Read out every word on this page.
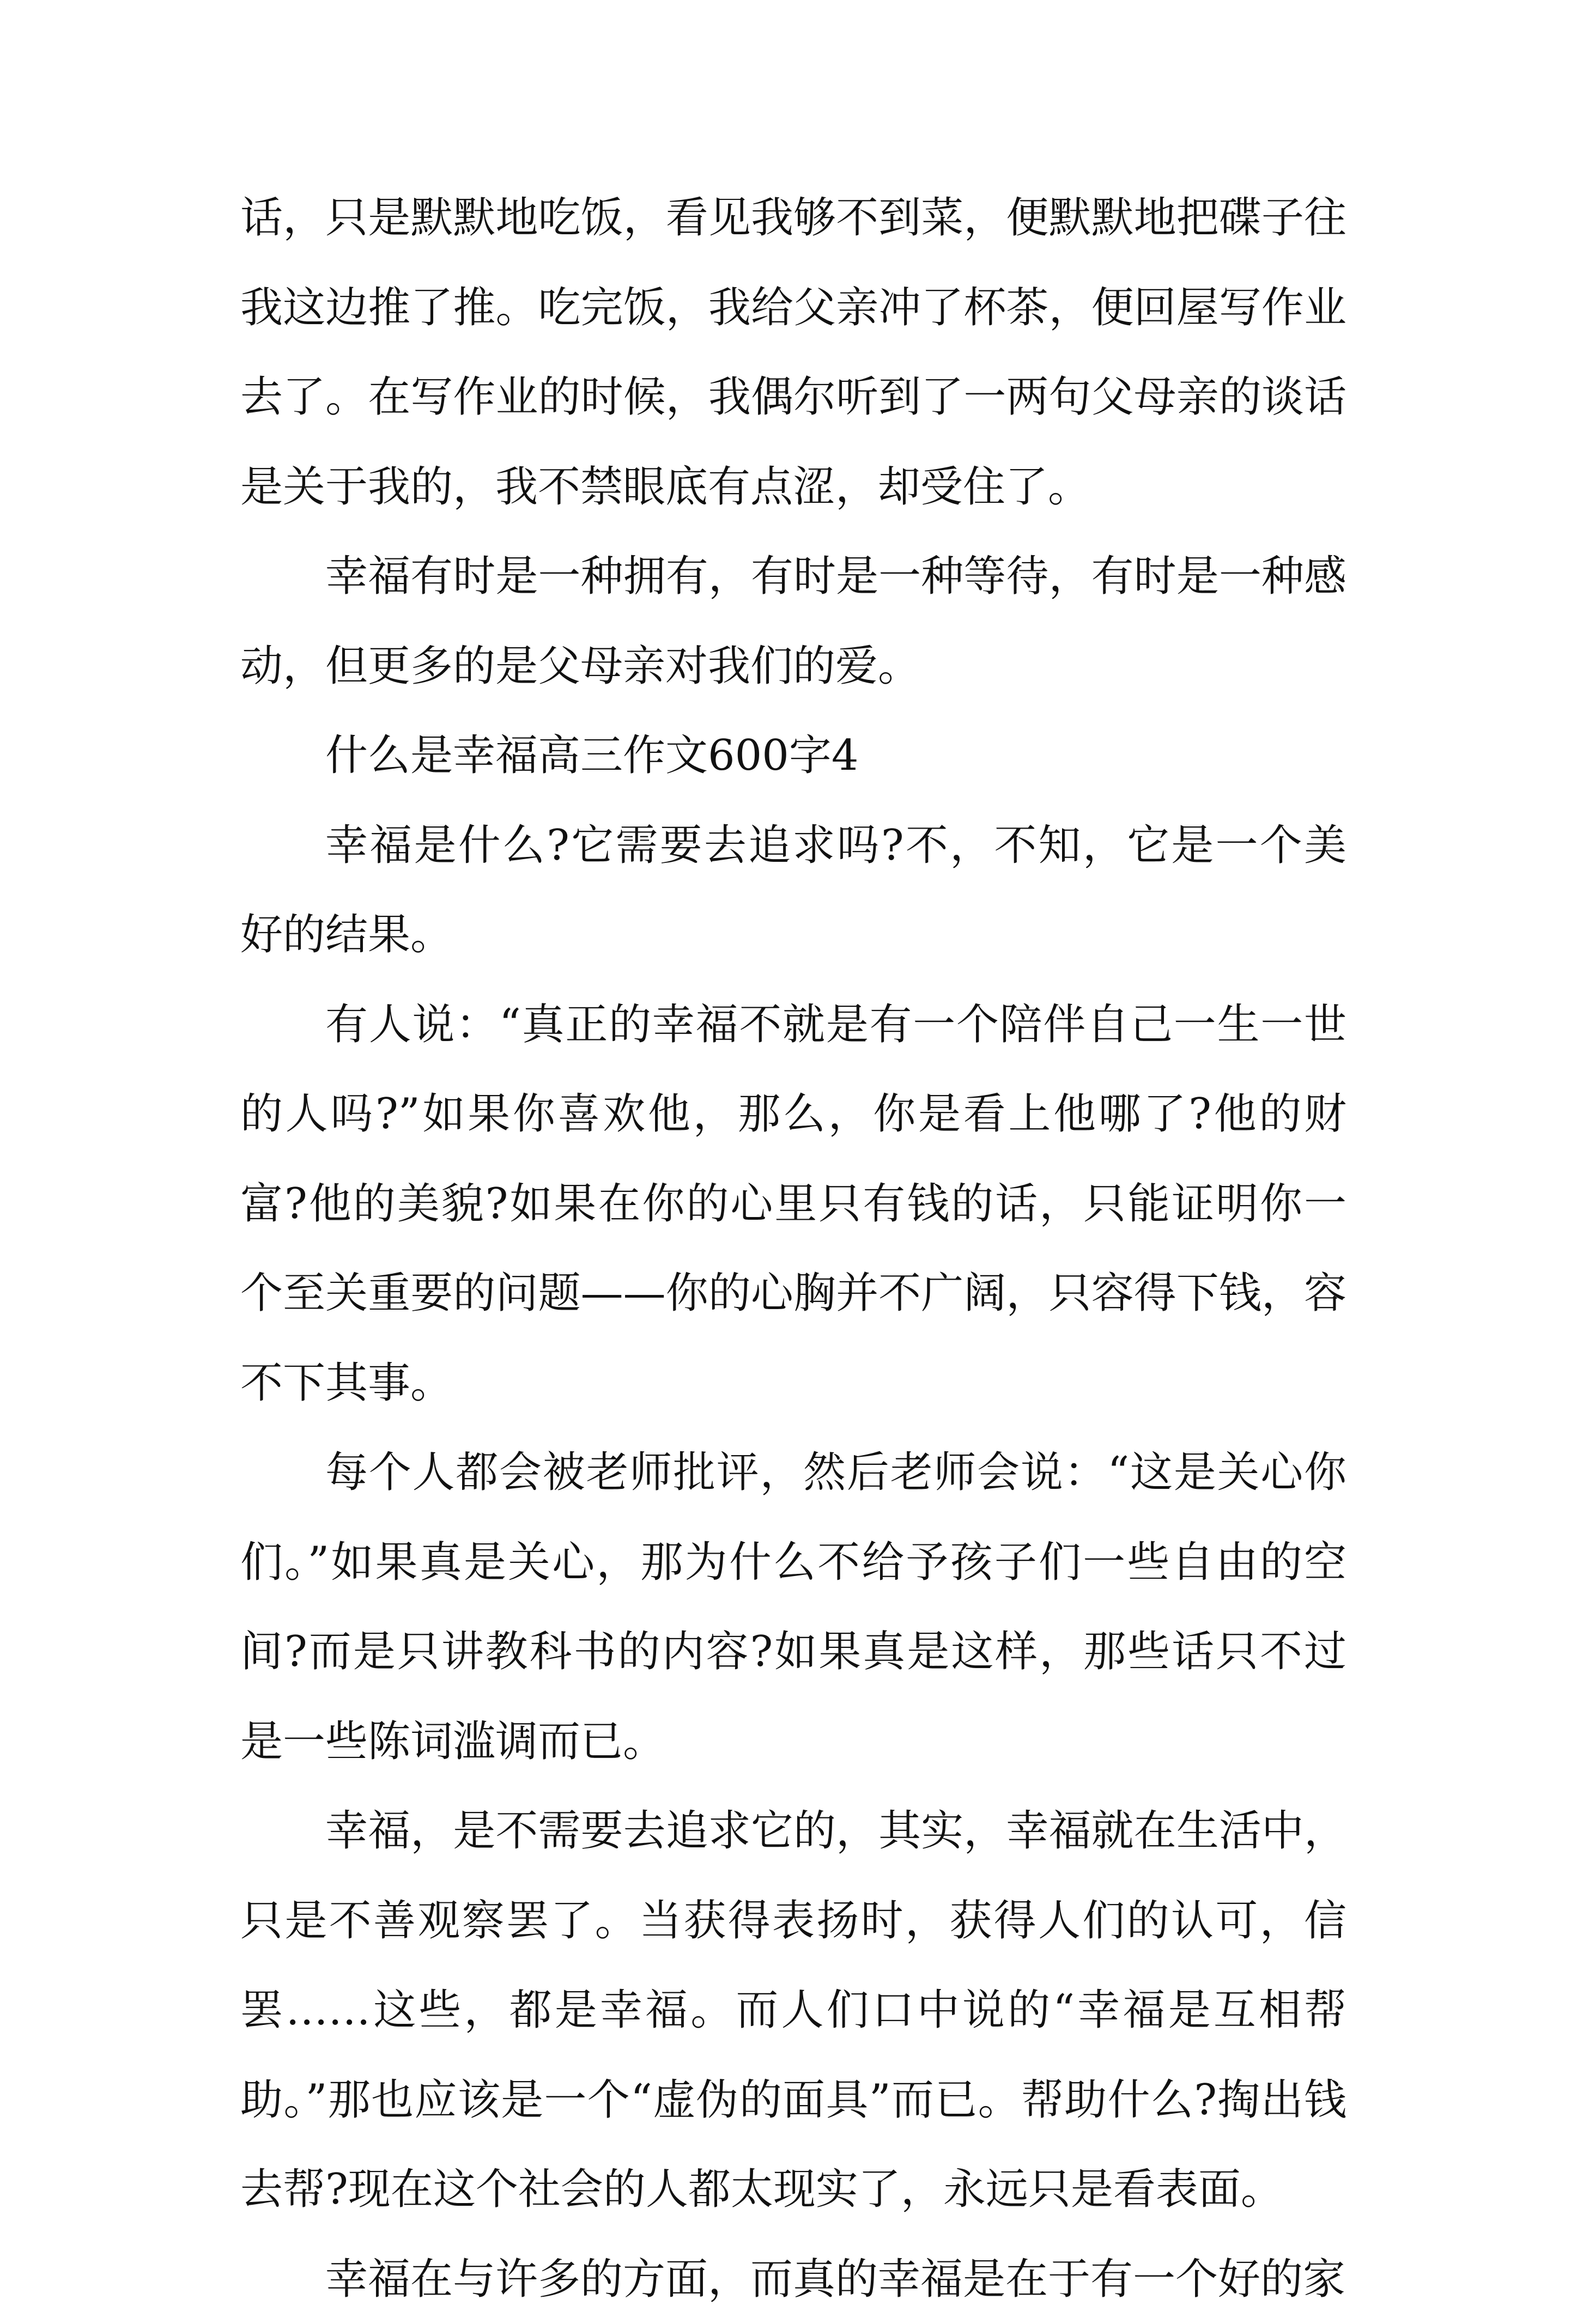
话，只是默默地吃饭，看见我够不到菜，便默默地把碟子往我这边推了推。吃完饭，我给父亲冲了杯茶，便回屋写作业去了。在写作业的时候，我偶尔听到了一两句父母亲的谈话是关于我的，我不禁眼底有点涩，却受住了。

幸福有时是一种拥有，有时是一种等待，有时是一种感动，但更多的是父母亲对我们的爱。

什么是幸福高三作文600字4

幸福是什么?它需要去追求吗?不，不知，它是一个美好的结果。

有人说：“真正的幸福不就是有一个陪伴自己一生一世的人吗?”如果你喜欢他，那么，你是看上他哪了?他的财富?他的美貌?如果在你的心里只有钱的话，只能证明你一个至关重要的问题——你的心胸并不广阔，只容得下钱，容不下其事。

每个人都会被老师批评，然后老师会说：“这是关心你们。”如果真是关心，那为什么不给予孩子们一些自由的空间?而是只讲教科书的内容?如果真是这样，那些话只不过是一些陈词滥调而已。

幸福，是不需要去追求它的，其实，幸福就在生活中，只是不善观察罢了。当获得表扬时，获得人们的认可，信罢……这些，都是幸福。而人们口中说的“幸福是互相帮助。”那也应该是一个“虚伪的面具”而已。帮助什么?掏出钱去帮?现在这个社会的人都太现实了，永远只是看表面。

幸福在与许多的方面，而真的幸福是在于有一个好的家
